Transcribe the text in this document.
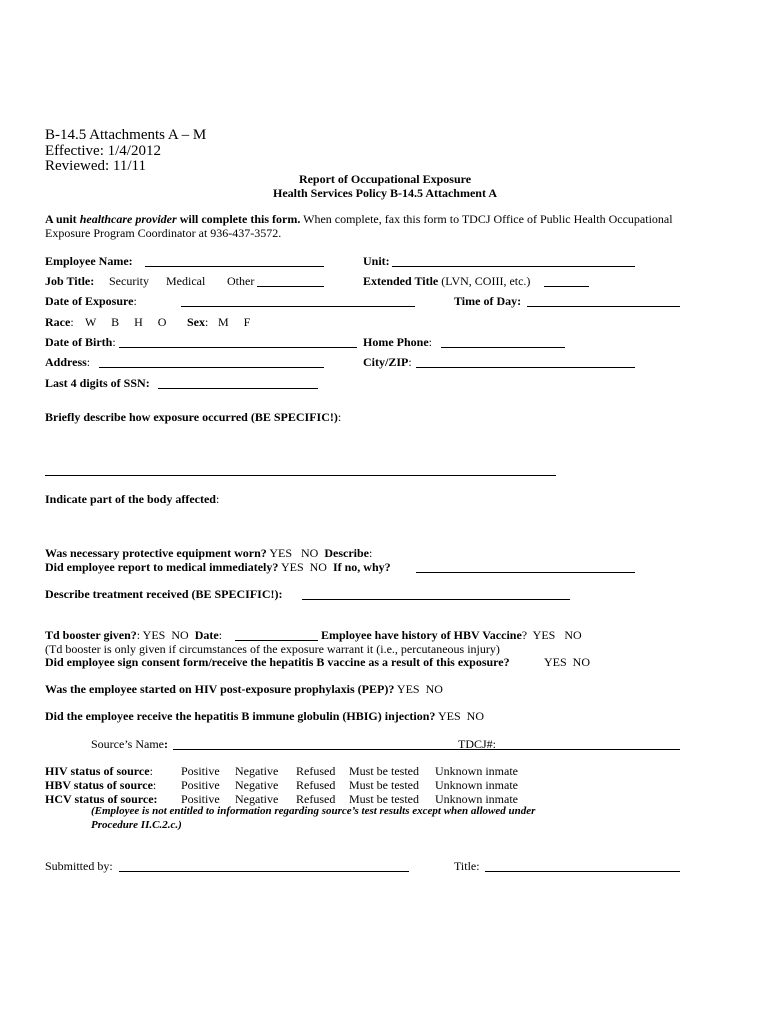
B-14.5 Attachments A – M
Effective: 1/4/2012
Reviewed: 11/11
Report of Occupational Exposure
Health Services Policy B-14.5 Attachment A
A unit healthcare provider will complete this form. When complete, fax this form to TDCJ Office of Public Health Occupational
Exposure Program Coordinator at 936-437-3572.
Employee Name:	Unit:
Job Title: Security Medical Other	Extended Title (LVN, COIII, etc.)
Date of Exposure:	Time of Day:
Race: W     B     H     O Sex: M     F
Date of Birth:	Home Phone:
Address:	City/ZIP:
Last 4 digits of SSN:
Briefly describe how exposure occurred (BE SPECIFIC!):
Indicate part of the body affected:
Was necessary protective equipment worn? YES   NO  Describe:
Did employee report to medical immediately? YES  NO  If no, why?
Describe treatment received (BE SPECIFIC!):
Td booster given?: YES  NO  Date:	Employee have history of HBV Vaccine?  YES   NO
(Td booster is only given if circumstances of the exposure warrant it (i.e., percutaneous injury)
Did employee sign consent form/receive the hepatitis B vaccine as a result of this exposure?	YES  NO
Was the employee started on HIV post-exposure prophylaxis (PEP)? YES  NO
Did the employee receive the hepatitis B immune globulin (HBIG) injection? YES  NO
Source’s Name:	TDCJ#:
HIV status of source: Positive Negative Refused Must be tested Unknown inmate
HBV status of source: Positive Negative Refused Must be tested Unknown inmate
HCV status of source: Positive Negative Refused Must be tested Unknown inmate
(Employee is not entitled to information regarding source’s test results except when allowed under
Procedure II.C.2.c.)
Submitted by:	Title:
